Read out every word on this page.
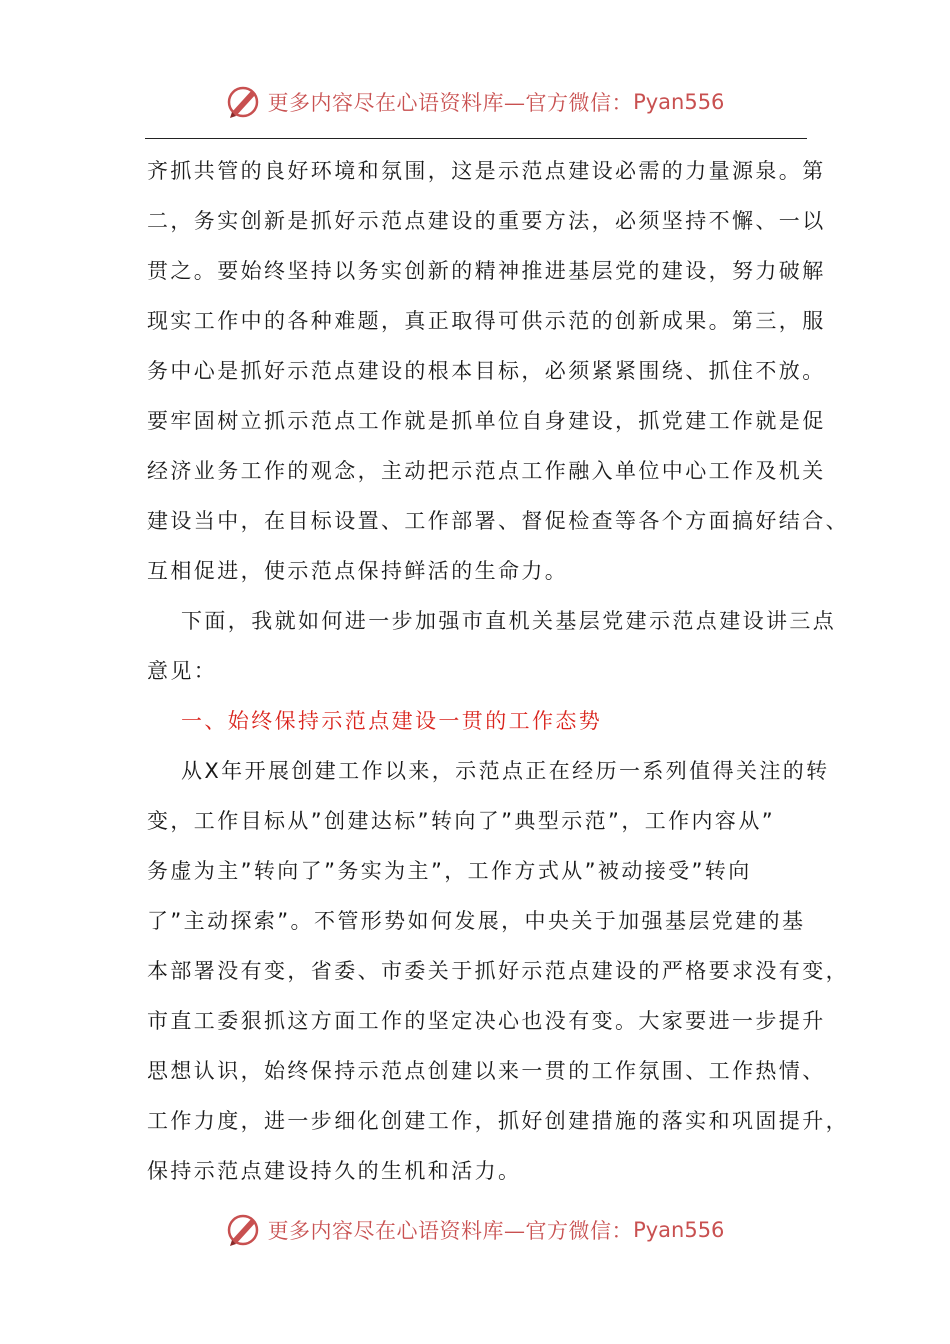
更多内容尽在心语资料库—官方微信： Pyan556
齐抓共管的良好环境和氛围，这是示范点建设必需的力量源泉。第
二，务实创新是抓好示范点建设的重要方法，必须坚持不懈、一以
贯之。要始终坚持以务实创新的精神推进基层党的建设，努力破解
现实工作中的各种难题，真正取得可供示范的创新成果。第三，服
务中心是抓好示范点建设的根本目标，必须紧紧围绕、抓住不放。
要牢固树立抓示范点工作就是抓单位自身建设，抓党建工作就是促
经济业务工作的观念，主动把示范点工作融入单位中心工作及机关
建设当中，在目标设置、工作部署、督促检查等各个方面搞好结合、
互相促进，使示范点保持鲜活的生命力。
下面，我就如何进一步加强市直机关基层党建示范点建设讲三点
意见：
一、始终保持示范点建设一贯的工作态势
从X年开展创建工作以来，示范点正在经历一系列值得关注的转
变，工作目标从”创建达标”转向了”典型示范”，工作内容从”
务虚为主”转向了”务实为主”，工作方式从”被动接受”转向
了”主动探索”。不管形势如何发展，中央关于加强基层党建的基
本部署没有变，省委、市委关于抓好示范点建设的严格要求没有变，
市直工委狠抓这方面工作的坚定决心也没有变。大家要进一步提升
思想认识，始终保持示范点创建以来一贯的工作氛围、工作热情、
工作力度，进一步细化创建工作，抓好创建措施的落实和巩固提升，
保持示范点建设持久的生机和活力。
更多内容尽在心语资料库—官方微信： Pyan556
